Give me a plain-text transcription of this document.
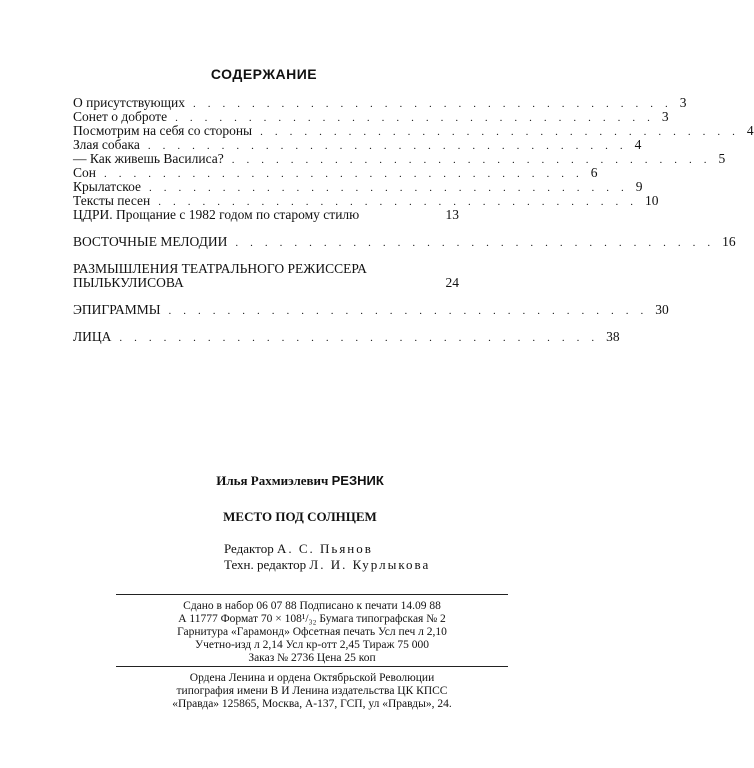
СОДЕРЖАНИЕ
О присутствующих ................................. 3
Сонет о доброте ................................. 3
Посмотрим на себя со стороны ................................. 4
Злая собака ................................. 4
— Как живешь Василиса? ................................. 5
Сон ................................. 6
Крылатское ................................. 9
Тексты песен ................................. 10
ЦДРИ. Прощание с 1982 годом по старому стилю	13
ВОСТОЧНЫЕ МЕЛОДИИ ................................. 16
РАЗМЫШЛЕНИЯ ТЕАТРАЛЬНОГО РЕЖИССЕРА ПЫЛЬКУЛИСОВА	24
ЭПИГРАММЫ ................................. 30
ЛИЦА ................................. 38
Илья Рахмиэлевич РЕЗНИК
МЕСТО ПОД СОЛНЦЕМ
Редактор А. С. Пьянов
Техн. редактор Л. И. Курлыкова
Сдано в набор 06 07 88 Подписано к печати 14.09 88
А 11777 Формат 70 × 108¹/₃₂ Бумага типографская № 2
Гарнитура «Гарамонд» Офсетная печать Усл печ л 2,10
Учетно-изд л 2,14 Усл кр-отт 2,45 Тираж 75 000
Заказ № 2736 Цена 25 коп
Ордена Ленина и ордена Октябрьской Революции
типография имени В И Ленина издательства ЦК КПСС
«Правда» 125865, Москва, А-137, ГСП, ул «Правды», 24.
